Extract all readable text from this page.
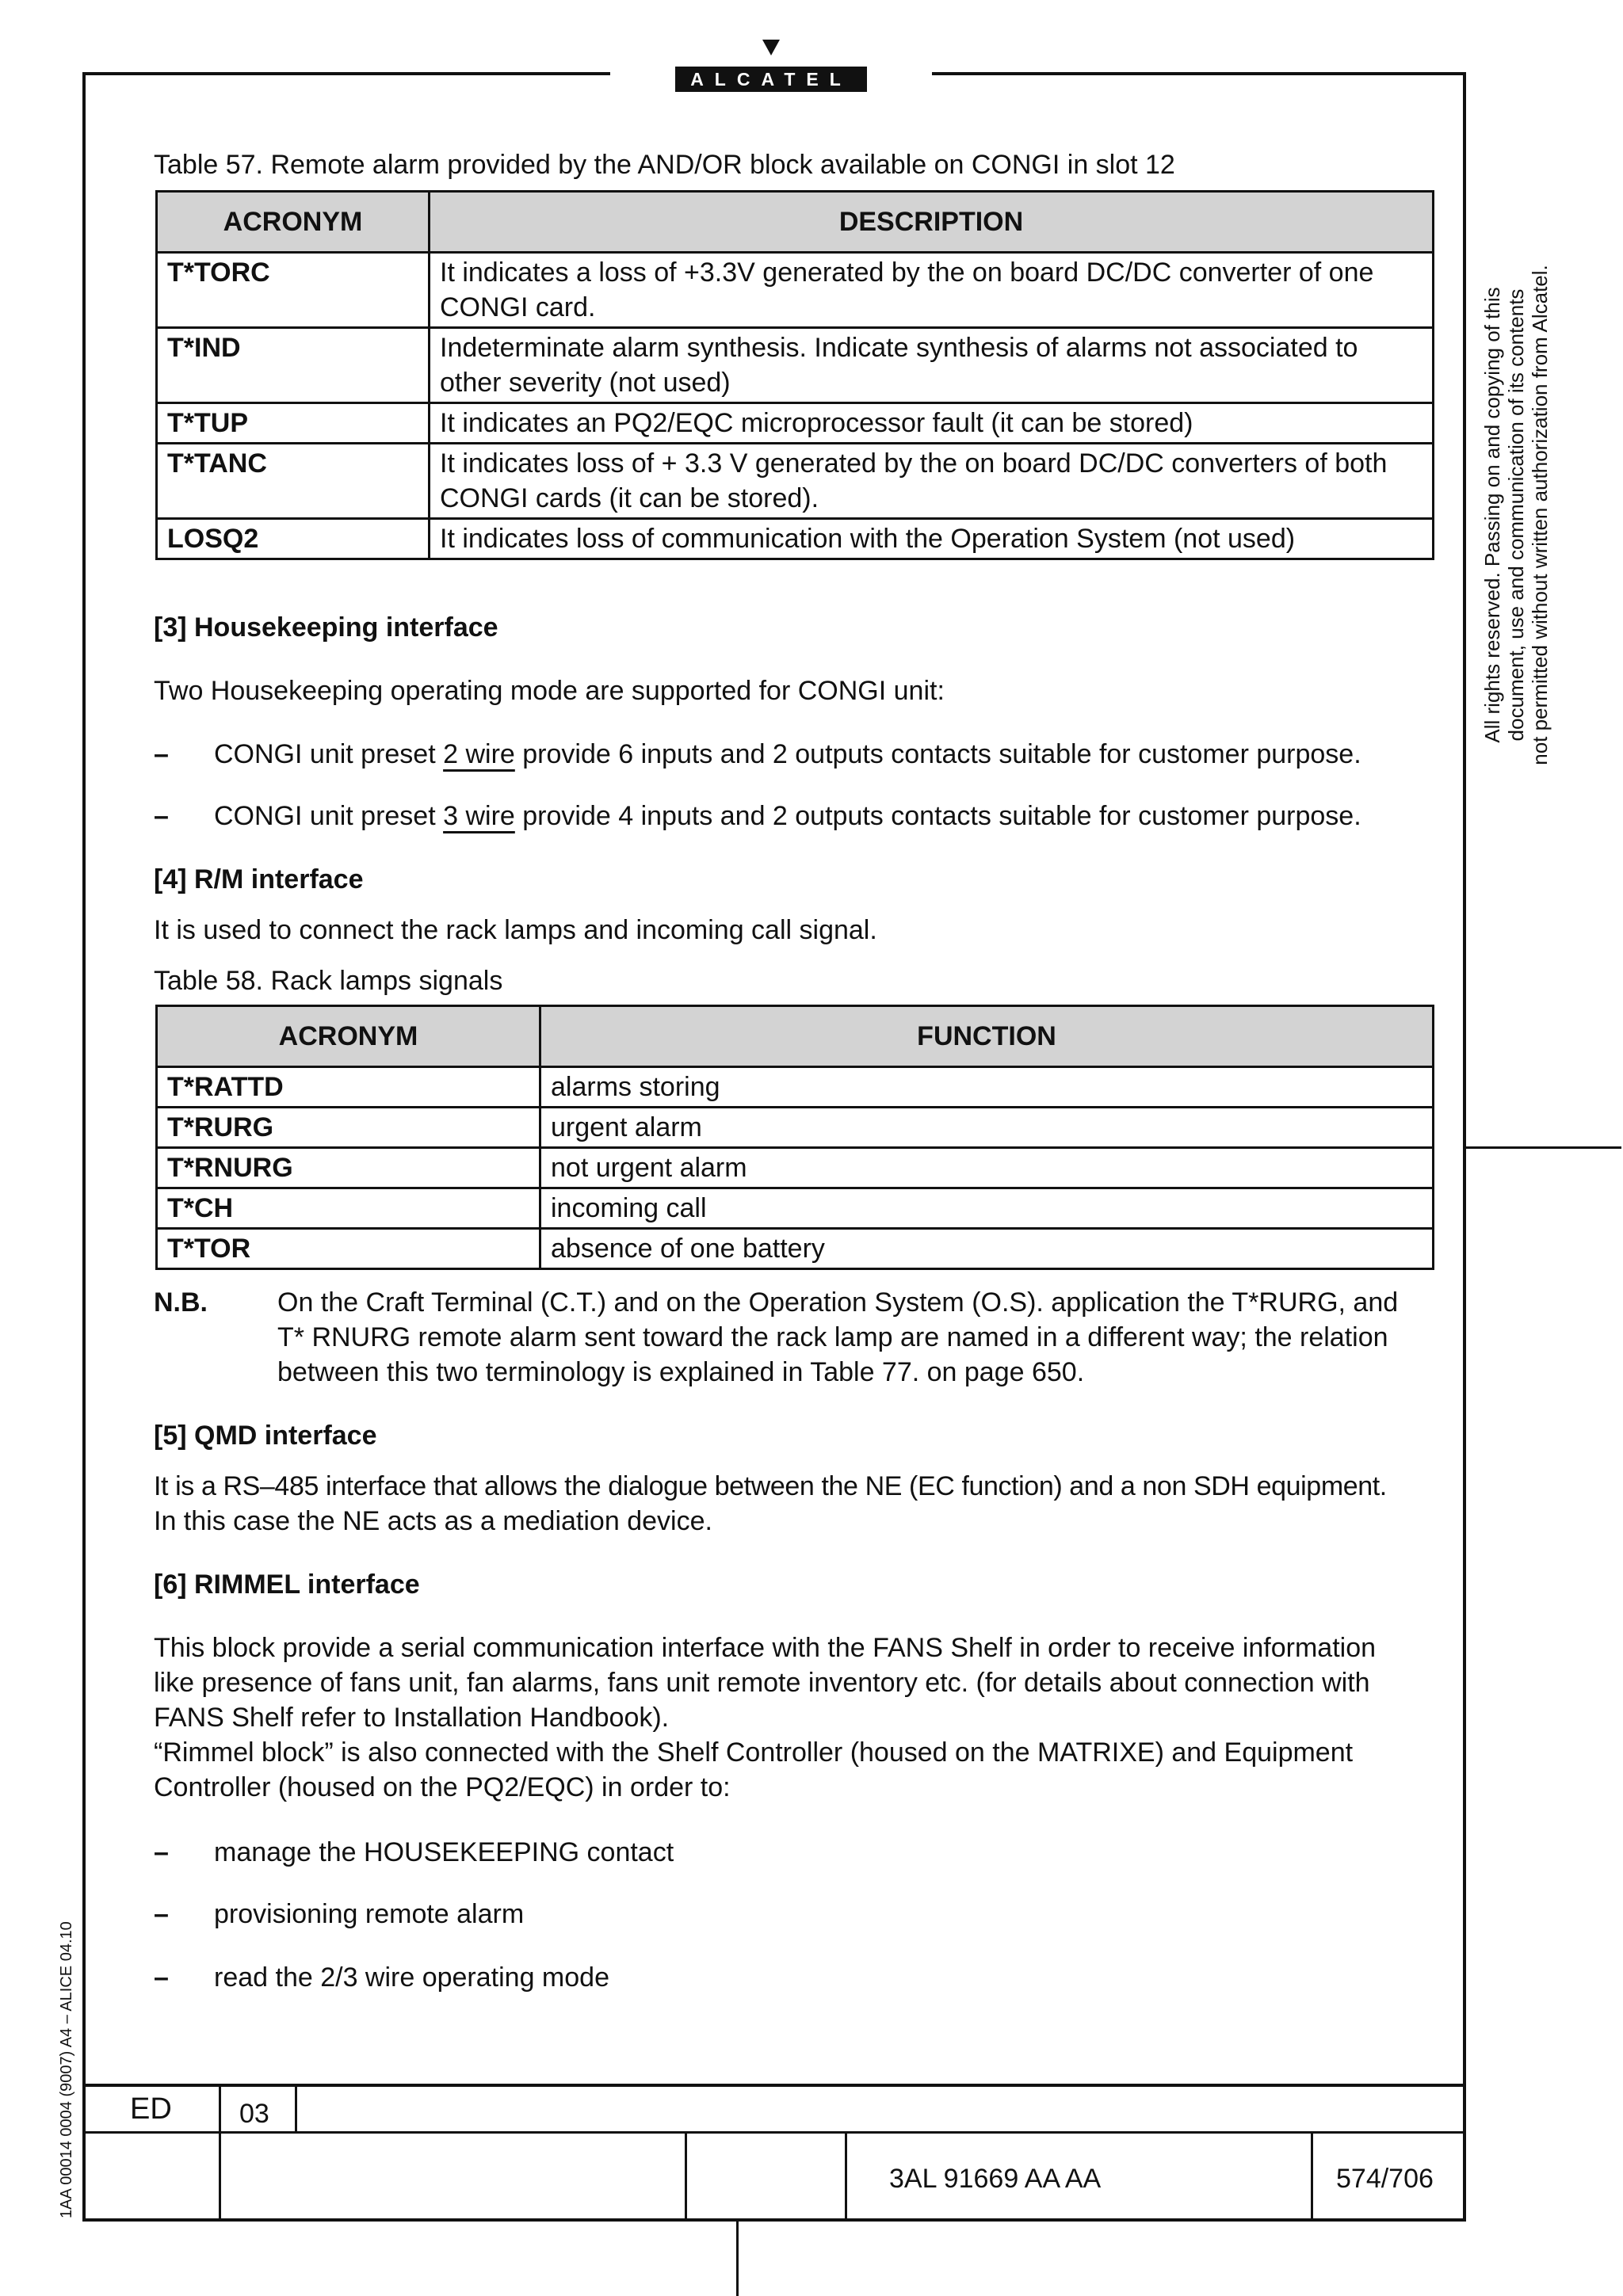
ALCATEL
Table 57. Remote alarm provided by the AND/OR block available on CONGI in slot 12
ACRONYM	DESCRIPTION
T*TORC	It indicates a loss of +3.3V generated by the on board DC/DC converter of one CONGI card.
T*IND	Indeterminate alarm synthesis. Indicate synthesis of alarms not associated to other severity (not used)
T*TUP	It indicates an PQ2/EQC microprocessor fault (it can be stored)
T*TANC	It indicates loss of + 3.3 V generated by the on board DC/DC converters of both CONGI cards (it can be stored).
LOSQ2	It indicates loss of communication with the Operation System (not used)
[3] Housekeeping interface
Two Housekeeping operating mode are supported for CONGI unit:
– CONGI unit preset 2 wire provide 6 inputs and 2 outputs contacts suitable for customer purpose.
– CONGI unit preset 3 wire provide 4 inputs and 2 outputs contacts suitable for customer purpose.
[4] R/M interface
It is used to connect the rack lamps and incoming call signal.
Table 58. Rack lamps signals
ACRONYM	FUNCTION
T*RATTD	alarms storing
T*RURG	urgent alarm
T*RNURG	not urgent alarm
T*CH	incoming call
T*TOR	absence of one battery
N.B.	On the Craft Terminal (C.T.) and on the Operation System (O.S). application the T*RURG, and
T* RNURG remote alarm sent toward the rack lamp are named in a different way; the relation
between this two terminology is explained in Table 77. on page 650.
[5] QMD interface
It is a RS–485 interface that allows the dialogue between the NE (EC function) and a non SDH equipment.
In this case the NE acts as a mediation device.
[6] RIMMEL interface
This block provide a serial communication interface with the FANS Shelf in order to receive information
like presence of fans unit, fan alarms, fans unit remote inventory etc. (for details about connection with
FANS Shelf refer to Installation Handbook).
“Rimmel block” is also connected with the Shelf Controller (housed on the MATRIXE) and Equipment
Controller (housed on the PQ2/EQC) in order to:
– manage the HOUSEKEEPING contact
– provisioning remote alarm
– read the 2/3 wire operating mode
All rights reserved. Passing on and copying of this document, use and communication of its contents not permitted without written authorization from Alcatel.
1AA 00014 0004 (9007) A4 – ALICE 04.10 ED	03
3AL 91669 AA AA	574/706
